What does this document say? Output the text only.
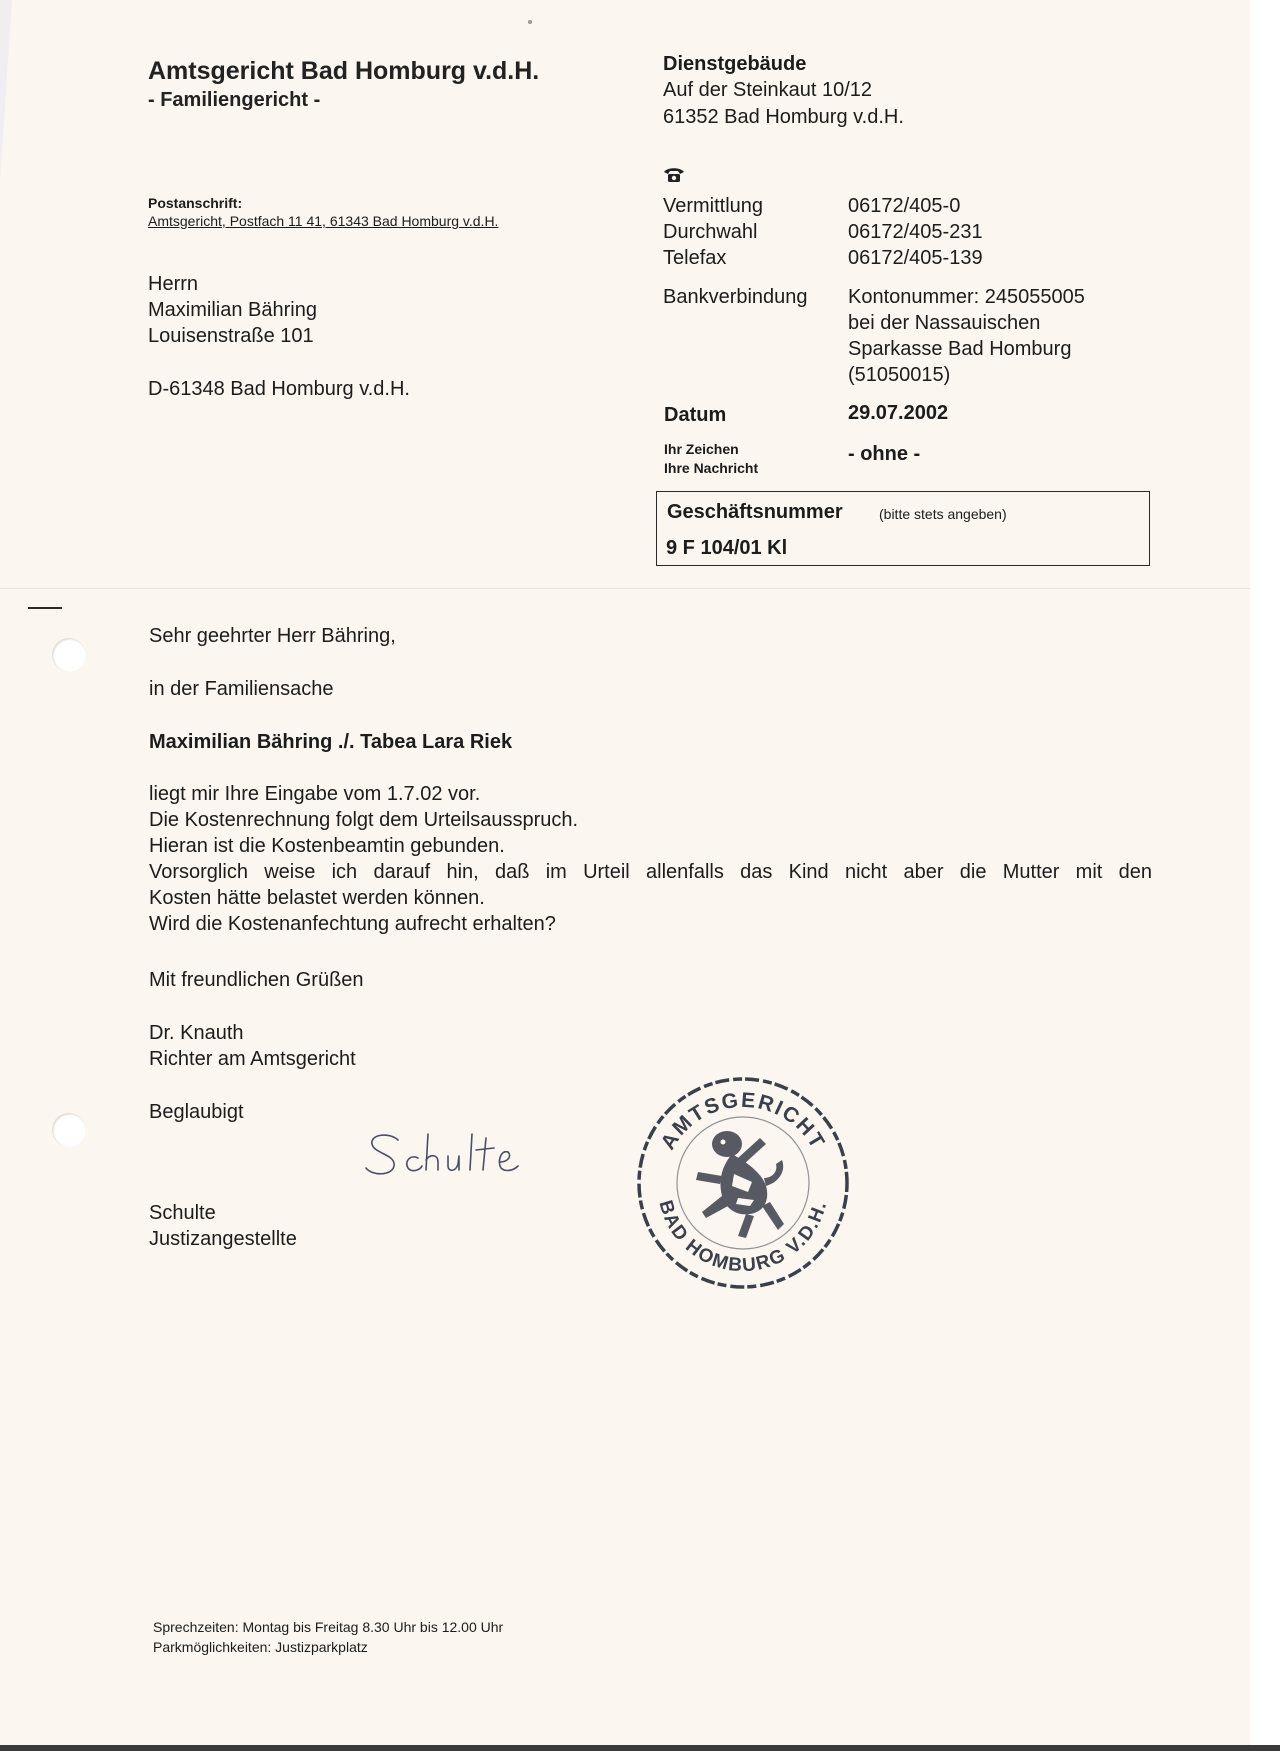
Amtsgericht Bad Homburg v.d.H.
- Familiengericht -
Dienstgebäude
Auf der Steinkaut 10/12
61352 Bad Homburg v.d.H.
Vermittlung	06172/405-0
Durchwahl	06172/405-231
Telefax	06172/405-139
Bankverbindung Kontonummer: 245055005
bei der Nassauischen
Sparkasse Bad Homburg
(51050015)
Postanschrift:
Amtsgericht, Postfach 11 41, 61343 Bad Homburg v.d.H.
Herrn
Maximilian Bähring
Louisenstraße 101
D-61348 Bad Homburg v.d.H.
Datum	29.07.2002
Ihr Zeichen
Ihre Nachricht
- ohne -
Geschäftsnummer	(bitte stets angeben)
9 F 104/01 Kl
Sehr geehrter Herr Bähring,
in der Familiensache
Maximilian Bähring ./. Tabea Lara Riek
liegt mir Ihre Eingabe vom 1.7.02 vor.
Die Kostenrechnung folgt dem Urteilsausspruch.
Hieran ist die Kostenbeamtin gebunden.
Vorsorglich weise ich darauf hin, daß im Urteil allenfalls das Kind nicht aber die Mutter mit den
Kosten hätte belastet werden können.
Wird die Kostenanfechtung aufrecht erhalten?
Mit freundlichen Grüßen
Dr. Knauth
Richter am Amtsgericht
Beglaubigt
Schulte
Justizangestellte
AMTSGERICHT
BAD HOMBURG V.D.H.
Sprechzeiten: Montag bis Freitag 8.30 Uhr bis 12.00 Uhr
Parkmöglichkeiten: Justizparkplatz
